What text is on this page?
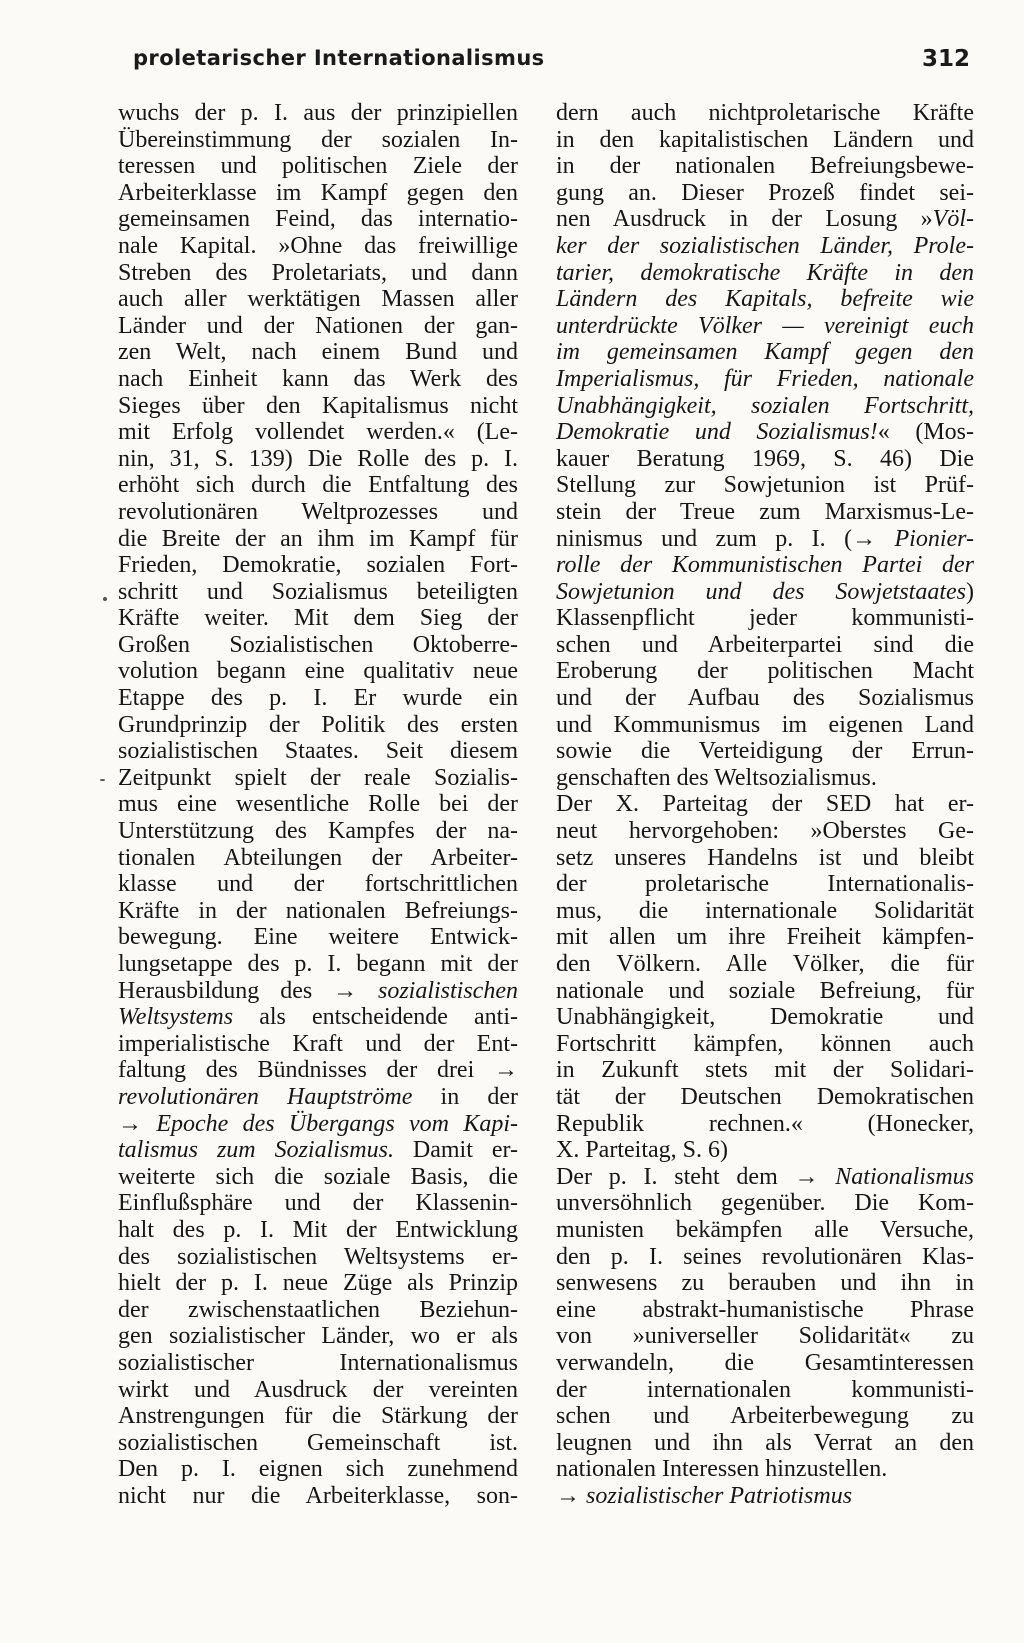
proletarischer Internationalismus	312
wuchs der p. I. aus der prinzipiellen
Übereinstimmung der sozialen In-
teressen und politischen Ziele der
Arbeiterklasse im Kampf gegen den
gemeinsamen Feind, das internatio-
nale Kapital. »Ohne das freiwillige
Streben des Proletariats, und dann
auch aller werktätigen Massen aller
Länder und der Nationen der gan-
zen Welt, nach einem Bund und
nach Einheit kann das Werk des
Sieges über den Kapitalismus nicht
mit Erfolg vollendet werden.« (Le-
nin, 31, S. 139) Die Rolle des p. I.
erhöht sich durch die Entfaltung des
revolutionären Weltprozesses und
die Breite der an ihm im Kampf für
Frieden, Demokratie, sozialen Fort-
schritt und Sozialismus beteiligten
Kräfte weiter. Mit dem Sieg der
Großen Sozialistischen Oktoberre-
volution begann eine qualitativ neue
Etappe des p. I. Er wurde ein
Grundprinzip der Politik des ersten
sozialistischen Staates. Seit diesem
Zeitpunkt spielt der reale Sozialis-
mus eine wesentliche Rolle bei der
Unterstützung des Kampfes der na-
tionalen Abteilungen der Arbeiter-
klasse und der fortschrittlichen
Kräfte in der nationalen Befreiungs-
bewegung. Eine weitere Entwick-
lungsetappe des p. I. begann mit der
Herausbildung des → sozialistischen
Weltsystems als entscheidende anti-
imperialistische Kraft und der Ent-
faltung des Bündnisses der drei →
revolutionären Hauptströme in der
→ Epoche des Übergangs vom Kapi-
talismus zum Sozialismus. Damit er-
weiterte sich die soziale Basis, die
Einflußsphäre und der Klassenin-
halt des p. I. Mit der Entwicklung
des sozialistischen Weltsystems er-
hielt der p. I. neue Züge als Prinzip
der zwischenstaatlichen Beziehun-
gen sozialistischer Länder, wo er als
sozialistischer Internationalismus
wirkt und Ausdruck der vereinten
Anstrengungen für die Stärkung der
sozialistischen Gemeinschaft ist.
Den p. I. eignen sich zunehmend
nicht nur die Arbeiterklasse, son-
dern auch nichtproletarische Kräfte
in den kapitalistischen Ländern und
in der nationalen Befreiungsbewe-
gung an. Dieser Prozeß findet sei-
nen Ausdruck in der Losung »Völ-
ker der sozialistischen Länder, Prole-
tarier, demokratische Kräfte in den
Ländern des Kapitals, befreite wie
unterdrückte Völker — vereinigt euch
im gemeinsamen Kampf gegen den
Imperialismus, für Frieden, nationale
Unabhängigkeit, sozialen Fortschritt,
Demokratie und Sozialismus!« (Mos-
kauer Beratung 1969, S. 46) Die
Stellung zur Sowjetunion ist Prüf-
stein der Treue zum Marxismus-Le-
ninismus und zum p. I. (→ Pionier-
rolle der Kommunistischen Partei der
Sowjetunion und des Sowjetstaates)
Klassenpflicht jeder kommunisti-
schen und Arbeiterpartei sind die
Eroberung der politischen Macht
und der Aufbau des Sozialismus
und Kommunismus im eigenen Land
sowie die Verteidigung der Errun-
genschaften des Weltsozialismus.
Der X. Parteitag der SED hat er-
neut hervorgehoben: »Oberstes Ge-
setz unseres Handelns ist und bleibt
der proletarische Internationalis-
mus, die internationale Solidarität
mit allen um ihre Freiheit kämpfen-
den Völkern. Alle Völker, die für
nationale und soziale Befreiung, für
Unabhängigkeit, Demokratie und
Fortschritt kämpfen, können auch
in Zukunft stets mit der Solidari-
tät der Deutschen Demokratischen
Republik rechnen.« (Honecker,
X. Parteitag, S. 6)
Der p. I. steht dem → Nationalismus
unversöhnlich gegenüber. Die Kom-
munisten bekämpfen alle Versuche,
den p. I. seines revolutionären Klas-
senwesens zu berauben und ihn in
eine abstrakt-humanistische Phrase
von »universeller Solidarität« zu
verwandeln, die Gesamtinteressen
der internationalen kommunisti-
schen und Arbeiterbewegung zu
leugnen und ihn als Verrat an den
nationalen Interessen hinzustellen.
→ sozialistischer Patriotismus
